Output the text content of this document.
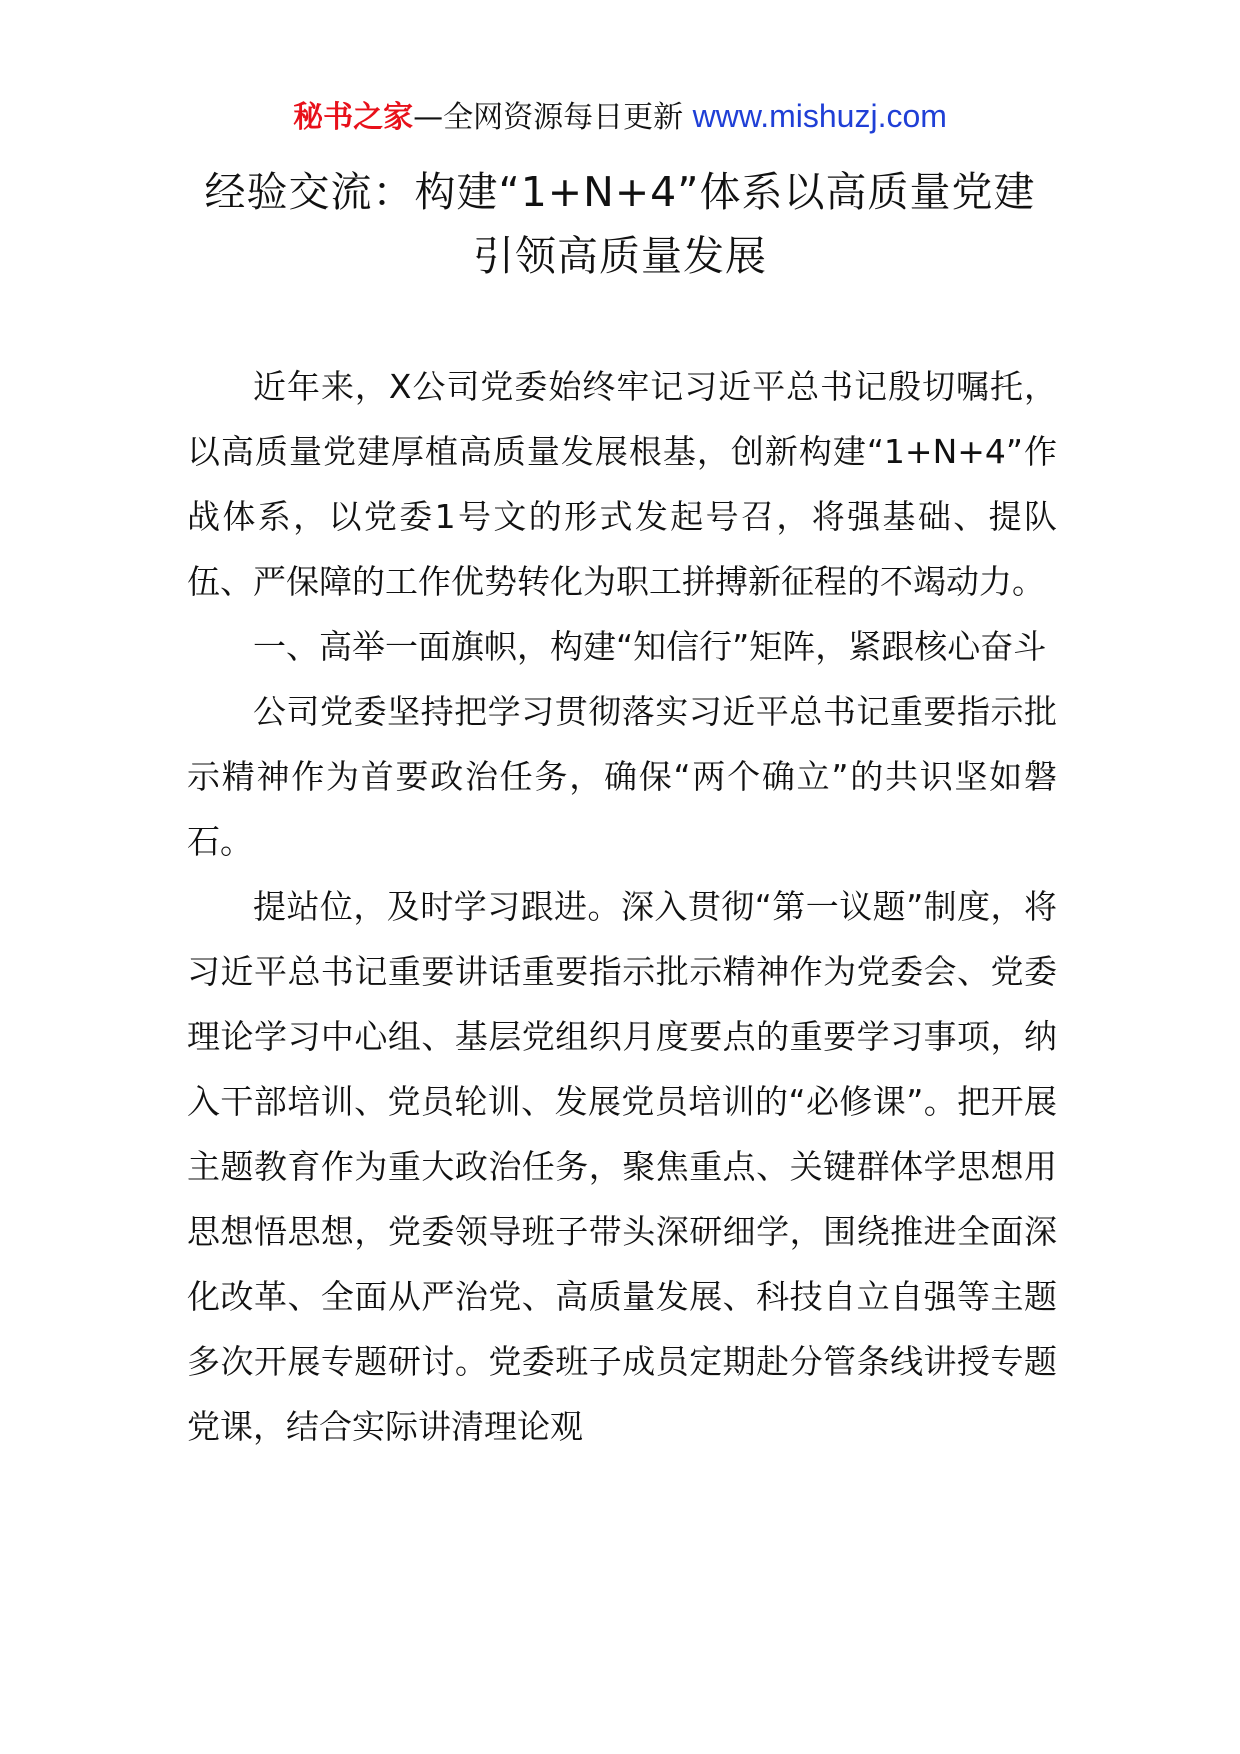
秘书之家—全网资源每日更新 www.mishuzj.com
经验交流：构建“1+N+4”体系以高质量党建
引领高质量发展

近年来，X公司党委始终牢记习近平总书记殷切嘱托，以高质量党建厚植高质量发展根基，创新构建“1+N+4”作战体系，以党委1号文的形式发起号召，将强基础、提队伍、严保障的工作优势转化为职工拼搏新征程的不竭动力。

一、高举一面旗帜，构建“知信行”矩阵，紧跟核心奋斗

公司党委坚持把学习贯彻落实习近平总书记重要指示批示精神作为首要政治任务，确保“两个确立”的共识坚如磐石。

提站位，及时学习跟进。深入贯彻“第一议题”制度，将习近平总书记重要讲话重要指示批示精神作为党委会、党委理论学习中心组、基层党组织月度要点的重要学习事项，纳入干部培训、党员轮训、发展党员培训的“必修课”。把开展主题教育作为重大政治任务，聚焦重点、关键群体学思想用思想悟思想，党委领导班子带头深研细学，围绕推进全面深化改革、全面从严治党、高质量发展、科技自立自强等主题多次开展专题研讨。党委班子成员定期赴分管条线讲授专题党课，结合实际讲清理论观
